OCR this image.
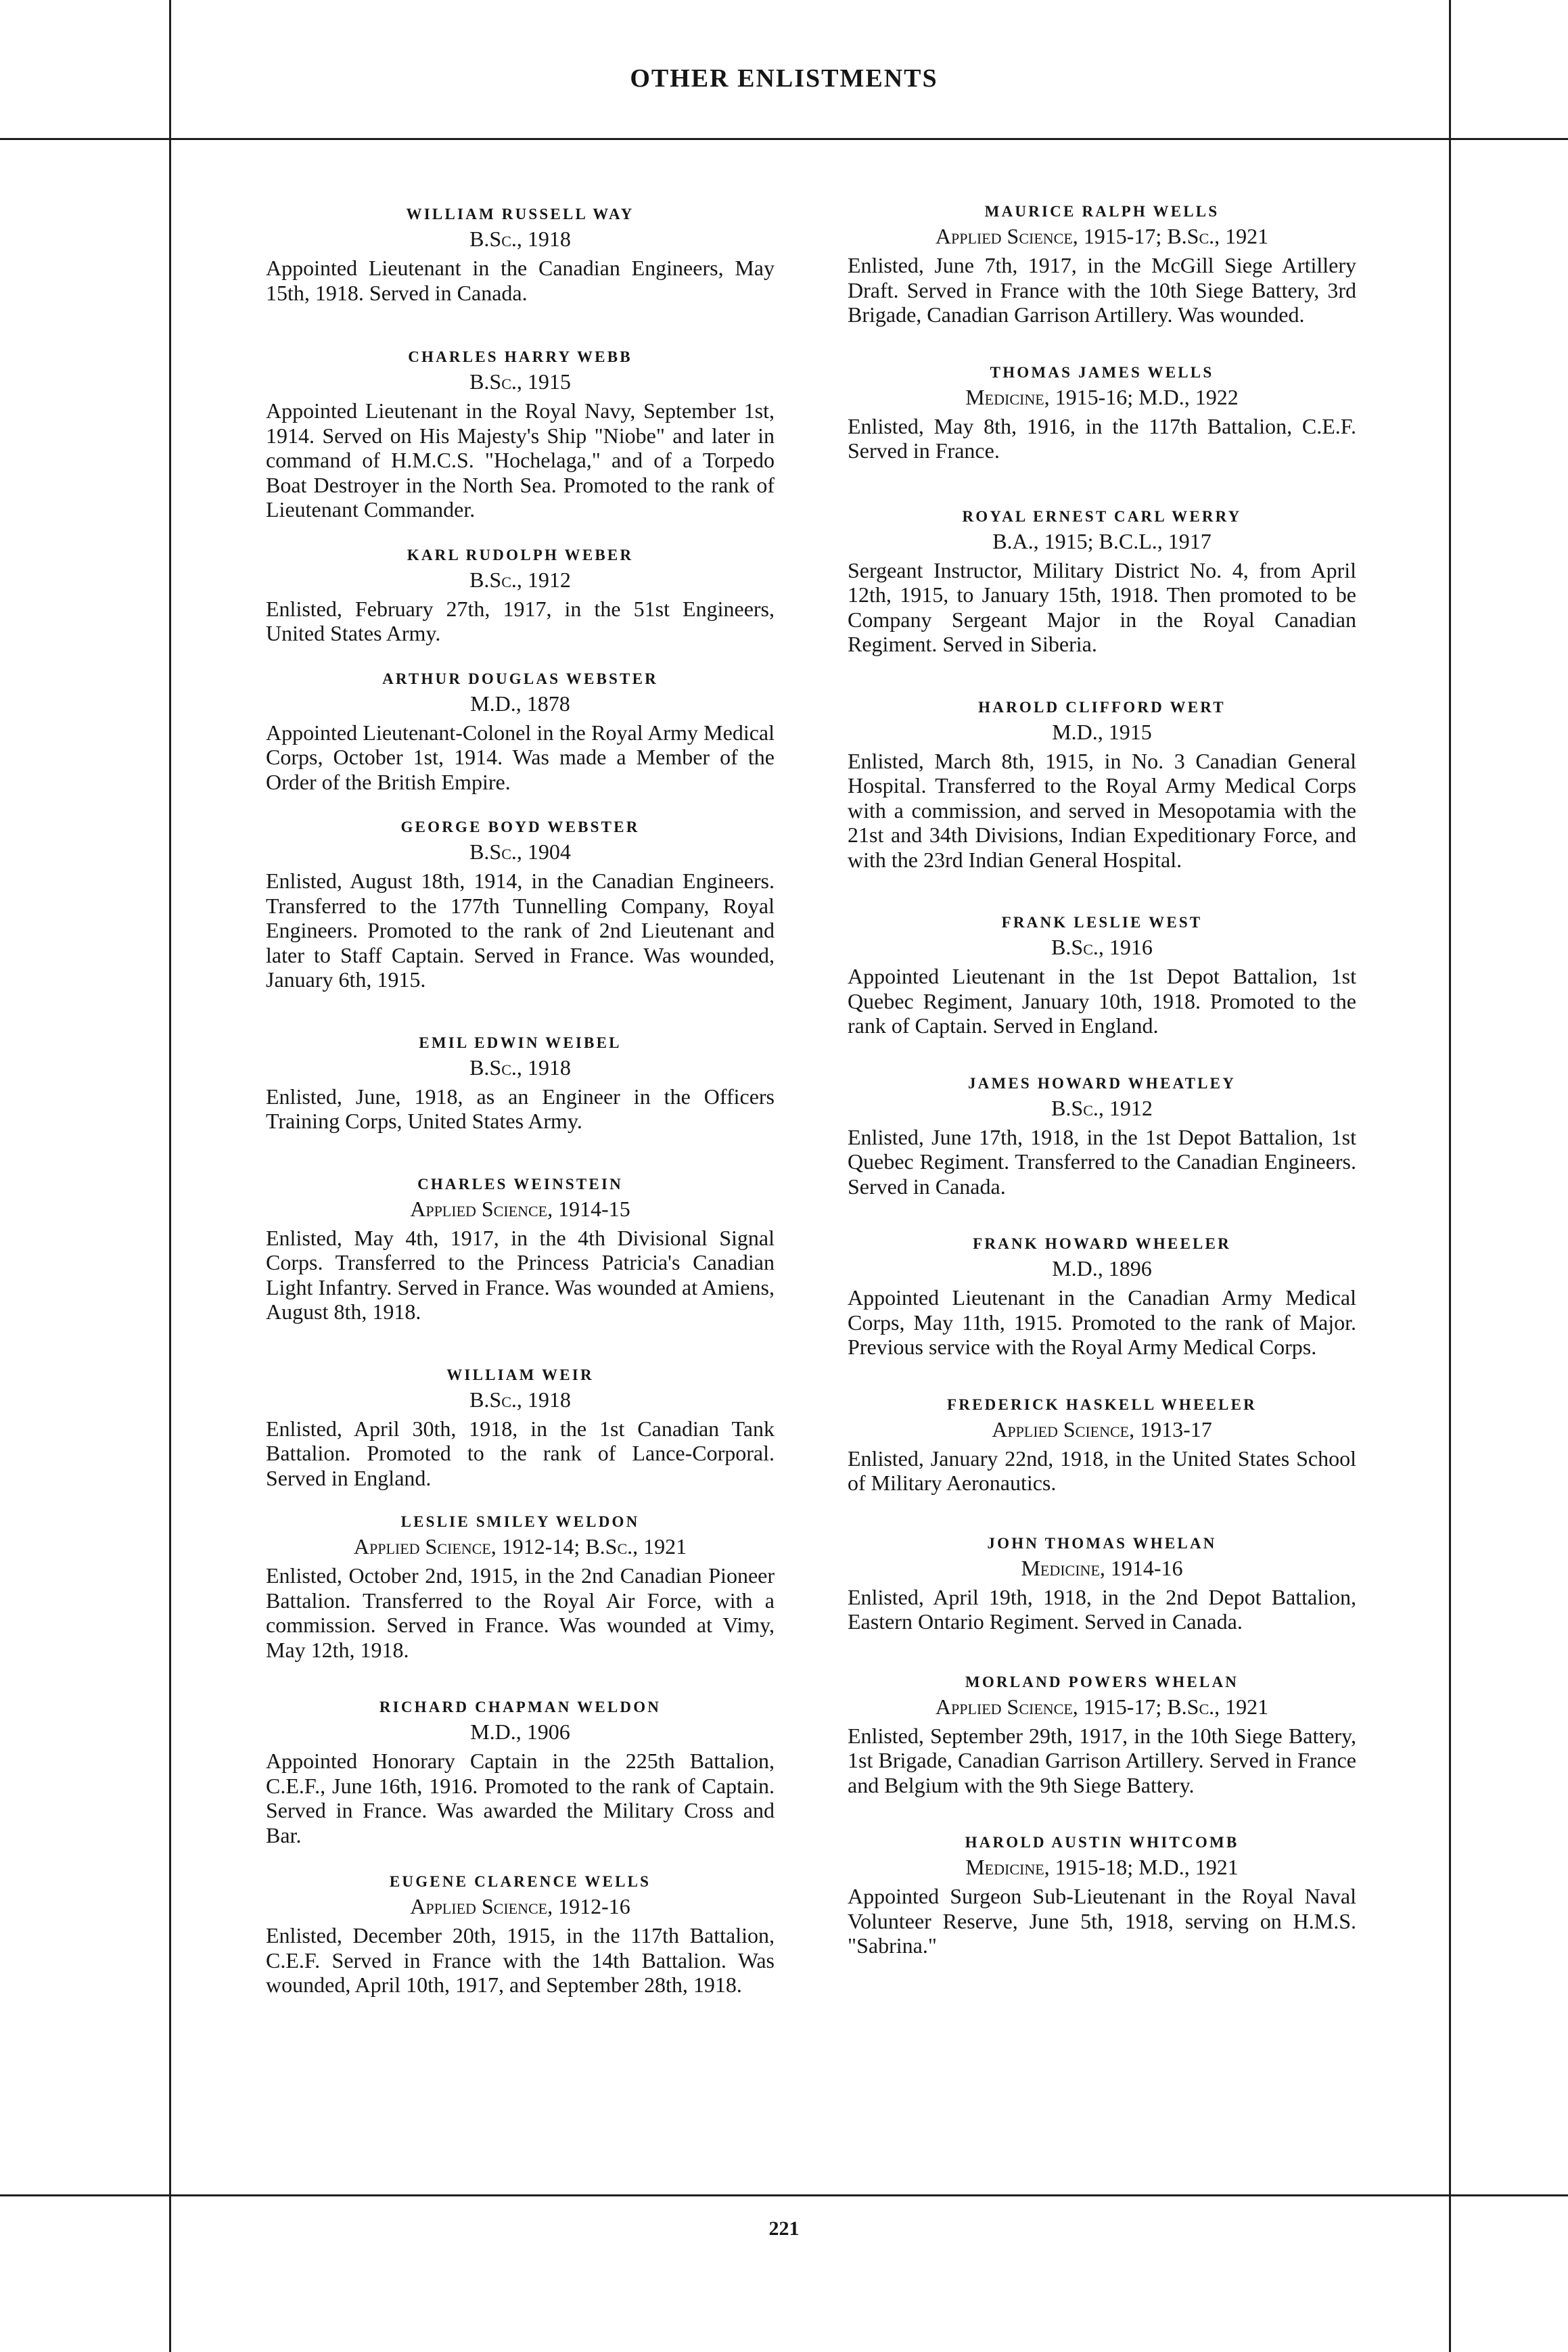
OTHER ENLISTMENTS

WILLIAM RUSSELL WAY

B.Sc., 1918

Appointed Lieutenant in the Canadian Engineers, May 15th, 1918. Served in Canada.

CHARLES HARRY WEBB

B.Sc., 1915

Appointed Lieutenant in the Royal Navy, September 1st, 1914. Served on His Majesty's Ship "Niobe" and later in command of H.M.C.S. "Hochelaga," and of a Torpedo Boat Destroyer in the North Sea. Promoted to the rank of Lieutenant Commander.

KARL RUDOLPH WEBER

B.Sc., 1912

Enlisted, February 27th, 1917, in the 51st Engineers, United States Army.

ARTHUR DOUGLAS WEBSTER

M.D., 1878

Appointed Lieutenant-Colonel in the Royal Army Medical Corps, October 1st, 1914. Was made a Member of the Order of the British Empire.

GEORGE BOYD WEBSTER

B.Sc., 1904

Enlisted, August 18th, 1914, in the Canadian Engineers. Transferred to the 177th Tunnelling Company, Royal Engineers. Promoted to the rank of 2nd Lieutenant and later to Staff Captain. Served in France. Was wounded, January 6th, 1915.

EMIL EDWIN WEIBEL

B.Sc., 1918

Enlisted, June, 1918, as an Engineer in the Officers Training Corps, United States Army.

CHARLES WEINSTEIN

Applied Science, 1914-15

Enlisted, May 4th, 1917, in the 4th Divisional Signal Corps. Transferred to the Princess Patricia's Canadian Light Infantry. Served in France. Was wounded at Amiens, August 8th, 1918.

WILLIAM WEIR

B.Sc., 1918

Enlisted, April 30th, 1918, in the 1st Canadian Tank Battalion. Promoted to the rank of Lance-Corporal. Served in England.

LESLIE SMILEY WELDON

Applied Science, 1912-14; B.Sc., 1921

Enlisted, October 2nd, 1915, in the 2nd Canadian Pioneer Battalion. Transferred to the Royal Air Force, with a commission. Served in France. Was wounded at Vimy, May 12th, 1918.

RICHARD CHAPMAN WELDON

M.D., 1906

Appointed Honorary Captain in the 225th Battalion, C.E.F., June 16th, 1916. Promoted to the rank of Captain. Served in France. Was awarded the Military Cross and Bar.

EUGENE CLARENCE WELLS

Applied Science, 1912-16

Enlisted, December 20th, 1915, in the 117th Battalion, C.E.F. Served in France with the 14th Battalion. Was wounded, April 10th, 1917, and September 28th, 1918.

MAURICE RALPH WELLS

Applied Science, 1915-17; B.Sc., 1921

Enlisted, June 7th, 1917, in the McGill Siege Artillery Draft. Served in France with the 10th Siege Battery, 3rd Brigade, Canadian Garrison Artillery. Was wounded.

THOMAS JAMES WELLS

Medicine, 1915-16; M.D., 1922

Enlisted, May 8th, 1916, in the 117th Battalion, C.E.F. Served in France.

ROYAL ERNEST CARL WERRY

B.A., 1915; B.C.L., 1917

Sergeant Instructor, Military District No. 4, from April 12th, 1915, to January 15th, 1918. Then promoted to be Company Sergeant Major in the Royal Canadian Regiment. Served in Siberia.

HAROLD CLIFFORD WERT

M.D., 1915

Enlisted, March 8th, 1915, in No. 3 Canadian General Hospital. Transferred to the Royal Army Medical Corps with a commission, and served in Mesopotamia with the 21st and 34th Divisions, Indian Expeditionary Force, and with the 23rd Indian General Hospital.

FRANK LESLIE WEST

B.Sc., 1916

Appointed Lieutenant in the 1st Depot Battalion, 1st Quebec Regiment, January 10th, 1918. Promoted to the rank of Captain. Served in England.

JAMES HOWARD WHEATLEY

B.Sc., 1912

Enlisted, June 17th, 1918, in the 1st Depot Battalion, 1st Quebec Regiment. Transferred to the Canadian Engineers. Served in Canada.

FRANK HOWARD WHEELER

M.D., 1896

Appointed Lieutenant in the Canadian Army Medical Corps, May 11th, 1915. Promoted to the rank of Major. Previous service with the Royal Army Medical Corps.

FREDERICK HASKELL WHEELER

Applied Science, 1913-17

Enlisted, January 22nd, 1918, in the United States School of Military Aeronautics.

JOHN THOMAS WHELAN

Medicine, 1914-16

Enlisted, April 19th, 1918, in the 2nd Depot Battalion, Eastern Ontario Regiment. Served in Canada.

MORLAND POWERS WHELAN

Applied Science, 1915-17; B.Sc., 1921

Enlisted, September 29th, 1917, in the 10th Siege Battery, 1st Brigade, Canadian Garrison Artillery. Served in France and Belgium with the 9th Siege Battery.

HAROLD AUSTIN WHITCOMB

Medicine, 1915-18; M.D., 1921

Appointed Surgeon Sub-Lieutenant in the Royal Naval Volunteer Reserve, June 5th, 1918, serving on H.M.S. "Sabrina."

221
